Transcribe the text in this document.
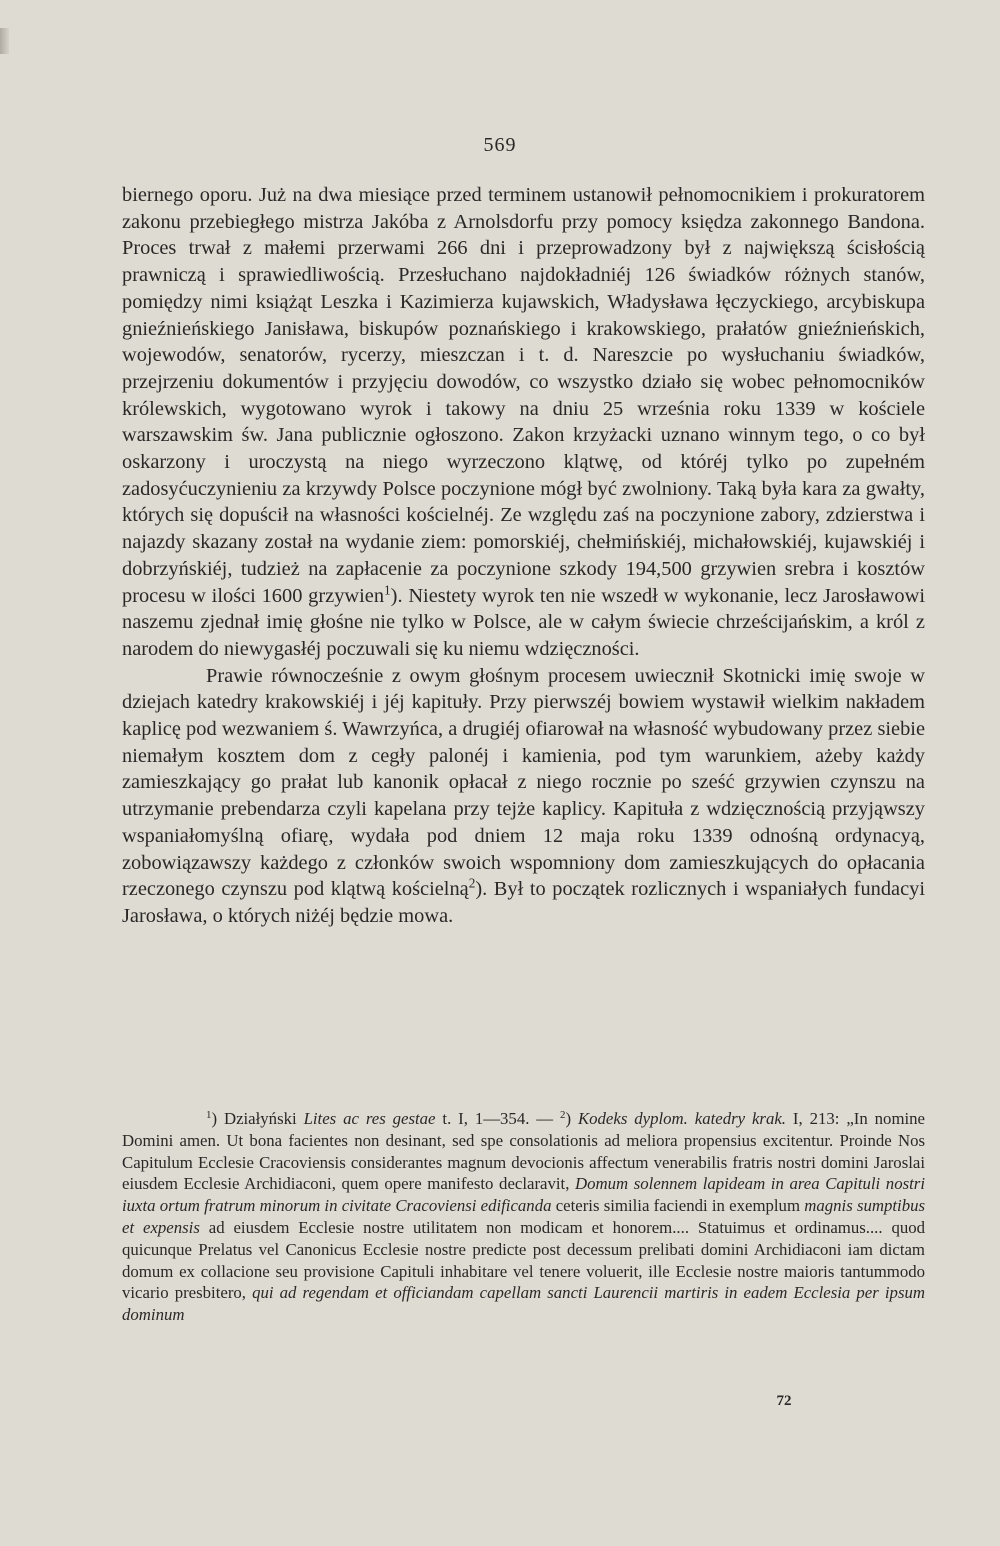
569

biernego oporu. Już na dwa miesiące przed terminem ustanowił pełnomocnikiem i prokuratorem zakonu przebiegłego mistrza Jakóba z Arnolsdorfu przy pomocy księdza zakonnego Bandona. Proces trwał z małemi przerwami 266 dni i przeprowadzony był z największą ścisłością prawniczą i sprawiedliwością. Przesłuchano najdokładniéj 126 świadków różnych stanów, pomiędzy nimi książąt Leszka i Kazimierza kujawskich, Władysława łęczyckiego, arcybiskupa gnieźnieńskiego Janisława, biskupów poznańskiego i krakowskiego, prałatów gnieźnieńskich, wojewodów, senatorów, rycerzy, mieszczan i t. d. Nareszcie po wysłuchaniu świadków, przejrzeniu dokumentów i przyjęciu dowodów, co wszystko działo się wobec pełnomocników królewskich, wygotowano wyrok i takowy na dniu 25 września roku 1339 w kościele warszawskim św. Jana publicznie ogłoszono. Zakon krzyżacki uznano winnym tego, o co był oskarzony i uroczystą na niego wyrzeczono klątwę, od któréj tylko po zupełném zadosyćuczynieniu za krzywdy Polsce poczynione mógł być zwolniony. Taką była kara za gwałty, których się dopuścił na własności kościelnéj. Ze względu zaś na poczynione zabory, zdzierstwa i najazdy skazany został na wydanie ziem: pomorskiéj, chełmińskiéj, michałowskiéj, kujawskiéj i dobrzyńskiéj, tudzież na zapłacenie za poczynione szkody 194,500 grzywien srebra i kosztów procesu w ilości 1600 grzywien$^1$). Niestety wyrok ten nie wszedł w wykonanie, lecz Jarosławowi naszemu zjednał imię głośne nie tylko w Polsce, ale w całym świecie chrześcijańskim, a król z narodem do niewygasłéj poczuwali się ku niemu wdzięczności.

Prawie równocześnie z owym głośnym procesem uwiecznił Skotnicki imię swoje w dziejach katedry krakowskiéj i jéj kapituły. Przy pierwszéj bowiem wystawił wielkim nakładem kaplicę pod wezwaniem ś. Wawrzyńca, a drugiéj ofiarował na własność wybudowany przez siebie niemałym kosztem dom z cegły palonéj i kamienia, pod tym warunkiem, ażeby każdy zamieszkający go prałat lub kanonik opłacał z niego rocznie po sześć grzywien czynszu na utrzymanie prebendarza czyli kapelana przy tejże kaplicy. Kapituła z wdzięcznością przyjąwszy wspaniałomyślną ofiarę, wydała pod dniem 12 maja roku 1339 odnośną ordynacyą, zobowiązawszy każdego z członków swoich wspomniony dom zamieszkujących do opłacania rzeczonego czynszu pod klątwą kościelną$^2$). Był to początek rozlicznych i wspaniałych fundacyi Jarosława, o których niżéj będzie mowa.

$^1$) Działyński Lites ac res gestae t. I, 1—354. — $^2$) Kodeks dyplom. katedry krak. I, 213: „In nomine Domini amen. Ut bona facientes non desinant, sed spe consolationis ad meliora propensius excitentur. Proinde Nos Capitulum Ecclesie Cracoviensis considerantes magnum devocionis affectum venerabilis fratris nostri domini Jaroslai eiusdem Ecclesie Archidiaconi, quem opere manifesto declaravit, Domum solennem lapideam in area Capituli nostri iuxta ortum fratrum minorum in civitate Cracoviensi edificanda ceteris similia faciendi in exemplum magnis sumptibus et expensis ad eiusdem Ecclesie nostre utilitatem non modicam et honorem.... Statuimus et ordinamus.... quod quicunque Prelatus vel Canonicus Ecclesie nostre predicte post decessum prelibati domini Archidiaconi iam dictam domum ex collacione seu provisione Capituli inhabitare vel tenere voluerit, ille Ecclesie nostre maioris tantummodo vicario presbitero, qui ad regendam et officiandam capellam sancti Laurencii martiris in eadem Ecclesia per ipsum dominum

72
